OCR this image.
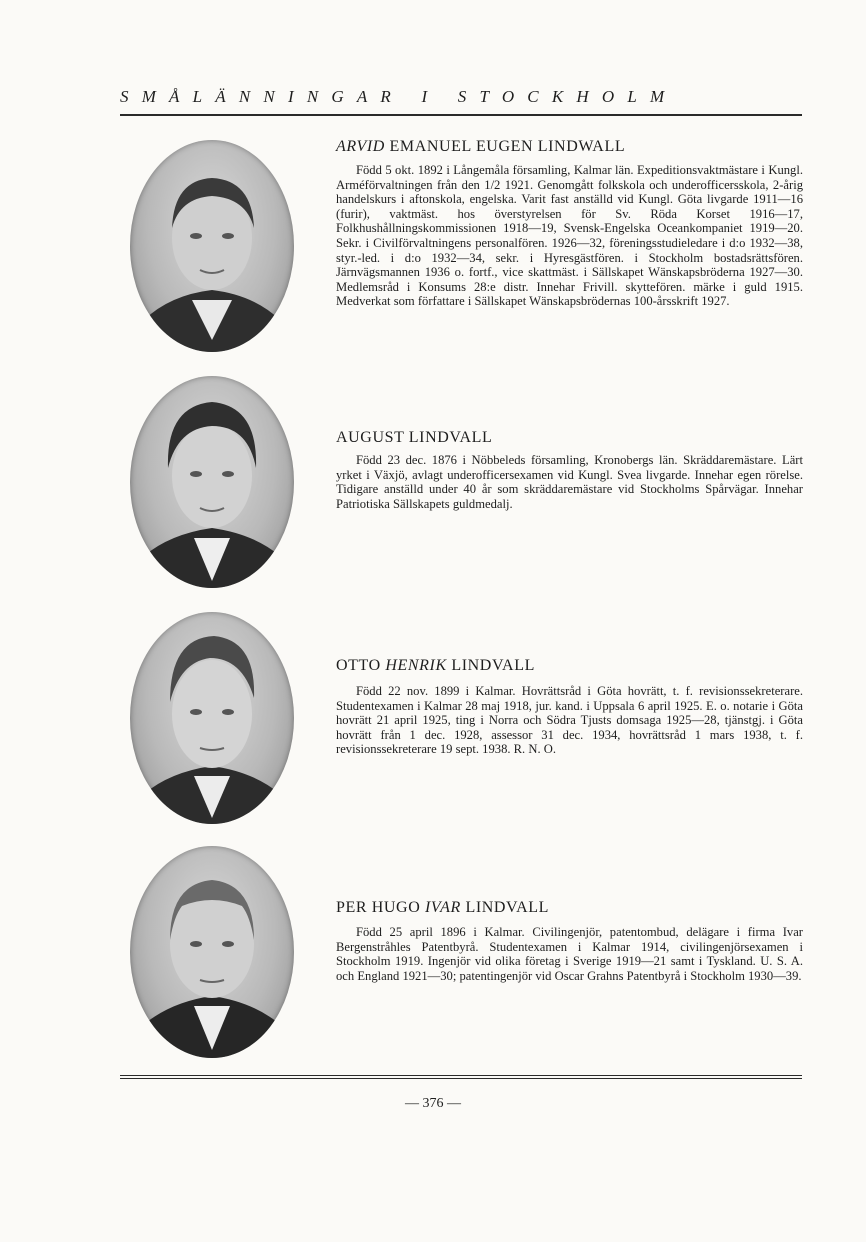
SMÅLÄNNINGAR I STOCKHOLM
ARVID EMANUEL EUGEN LINDWALL
Född 5 okt. 1892 i Långemåla församling, Kalmar län. Expeditionsvaktmästare i Kungl. Arméförvaltningen från den 1/2 1921. Genomgått folkskola och underofficersskola, 2-årig handelskurs i aftonskola, engelska. Varit fast anställd vid Kungl. Göta livgarde 1911—16 (furir), vaktmäst. hos överstyrelsen för Sv. Röda Korset 1916—17, Folkhushållningskommissionen 1918—19, Svensk-Engelska Oceankompaniet 1919—20. Sekr. i Civilförvaltningens personalfören. 1926—32, föreningsstudieledare i d:o 1932—38, styr.-led. i d:o 1932—34, sekr. i Hyresgästfören. i Stockholm bostadsrättsfören. Järnvägsmannen 1936 o. fortf., vice skattmäst. i Sällskapet Wänskapsbröderna 1927—30. Medlemsråd i Konsums 28:e distr. Innehar Frivill. skyttefören. märke i guld 1915. Medverkat som författare i Sällskapet Wänskapsbrödernas 100-årsskrift 1927.
AUGUST LINDVALL
Född 23 dec. 1876 i Nöbbeleds församling, Kronobergs län. Skräddaremästare. Lärt yrket i Växjö, avlagt underofficersexamen vid Kungl. Svea livgarde. Innehar egen rörelse. Tidigare anställd under 40 år som skräddaremästare vid Stockholms Spårvägar. Innehar Patriotiska Sällskapets guldmedalj.
OTTO HENRIK LINDVALL
Född 22 nov. 1899 i Kalmar. Hovrättsråd i Göta hovrätt, t. f. revisionssekreterare. Studentexamen i Kalmar 28 maj 1918, jur. kand. i Uppsala 6 april 1925. E. o. notarie i Göta hovrätt 21 april 1925, ting i Norra och Södra Tjusts domsaga 1925—28, tjänstgj. i Göta hovrätt från 1 dec. 1928, assessor 31 dec. 1934, hovrättsråd 1 mars 1938, t. f. revisionssekreterare 19 sept. 1938. R. N. O.
PER HUGO IVAR LINDVALL
Född 25 april 1896 i Kalmar. Civilingenjör, patentombud, delägare i firma Ivar Bergenstråhles Patentbyrå. Studentexamen i Kalmar 1914, civilingenjörsexamen i Stockholm 1919. Ingenjör vid olika företag i Sverige 1919—21 samt i Tyskland. U. S. A. och England 1921—30; patentingenjör vid Oscar Grahns Patentbyrå i Stockholm 1930—39.
— 376 —
